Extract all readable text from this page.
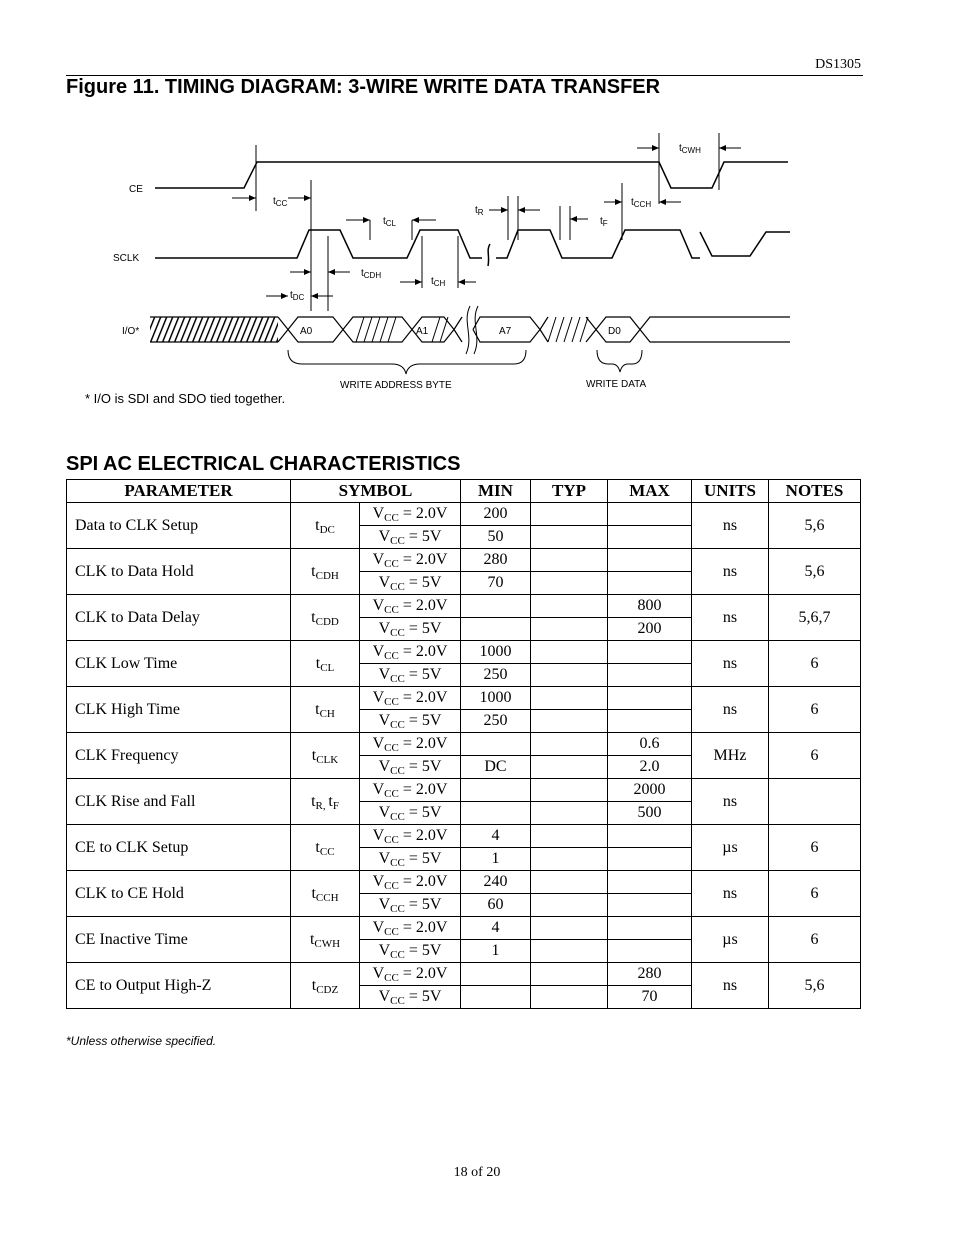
DS1305
Figure 11. TIMING DIAGRAM: 3-WIRE WRITE DATA TRANSFER
CE
SCLK
I/O*	A0	A1	A7	D0
$t_{CC}$
$t_{CL}$
$t_R$
$t_F$
$t_{CCH}$
$t_{CWH}$
$t_{CDH}$
$t_{CH}$
$t_{DC}$
WRITE ADDRESS BYTE	WRITE DATA
* I/O is SDI and SDO tied together.
SPI AC ELECTRICAL CHARACTERISTICS
PARAMETER	SYMBOL		MIN	TYP	MAX	UNITS	NOTES
Data to CLK Setup	$t_{DC}$	$V_{CC} = 2.0V$	200			ns	5,6
		$V_{CC} = 5V$	50				
CLK to Data Hold	$t_{CDH}$	$V_{CC} = 2.0V$	280			ns	5,6
		$V_{CC} = 5V$	70				
CLK to Data Delay	$t_{CDD}$	$V_{CC} = 2.0V$			800	ns	5,6,7
		$V_{CC} = 5V$			200		
CLK Low Time	$t_{CL}$	$V_{CC} = 2.0V$	1000			ns	6
		$V_{CC} = 5V$	250				
CLK High Time	$t_{CH}$	$V_{CC} = 2.0V$	1000			ns	6
		$V_{CC} = 5V$	250				
CLK Frequency	$t_{CLK}$	$V_{CC} = 2.0V$			0.6	MHz	6
		$V_{CC} = 5V$	DC		2.0		
CLK Rise and Fall	$t_{R,}$ $t_F$	$V_{CC} = 2.0V$			2000	ns	
		$V_{CC} = 5V$			500		
CE to CLK Setup	$t_{CC}$	$V_{CC} = 2.0V$	4			µs	6
		$V_{CC} = 5V$	1				
CLK to CE Hold	$t_{CCH}$	$V_{CC} = 2.0V$	240			ns	6
		$V_{CC} = 5V$	60				
CE Inactive Time	$t_{CWH}$	$V_{CC} = 2.0V$	4			µs	6
		$V_{CC} = 5V$	1				
CE to Output High-Z	$t_{CDZ}$	$V_{CC} = 2.0V$			280	ns	5,6
		$V_{CC} = 5V$			70		
*Unless otherwise specified.
18 of 20
